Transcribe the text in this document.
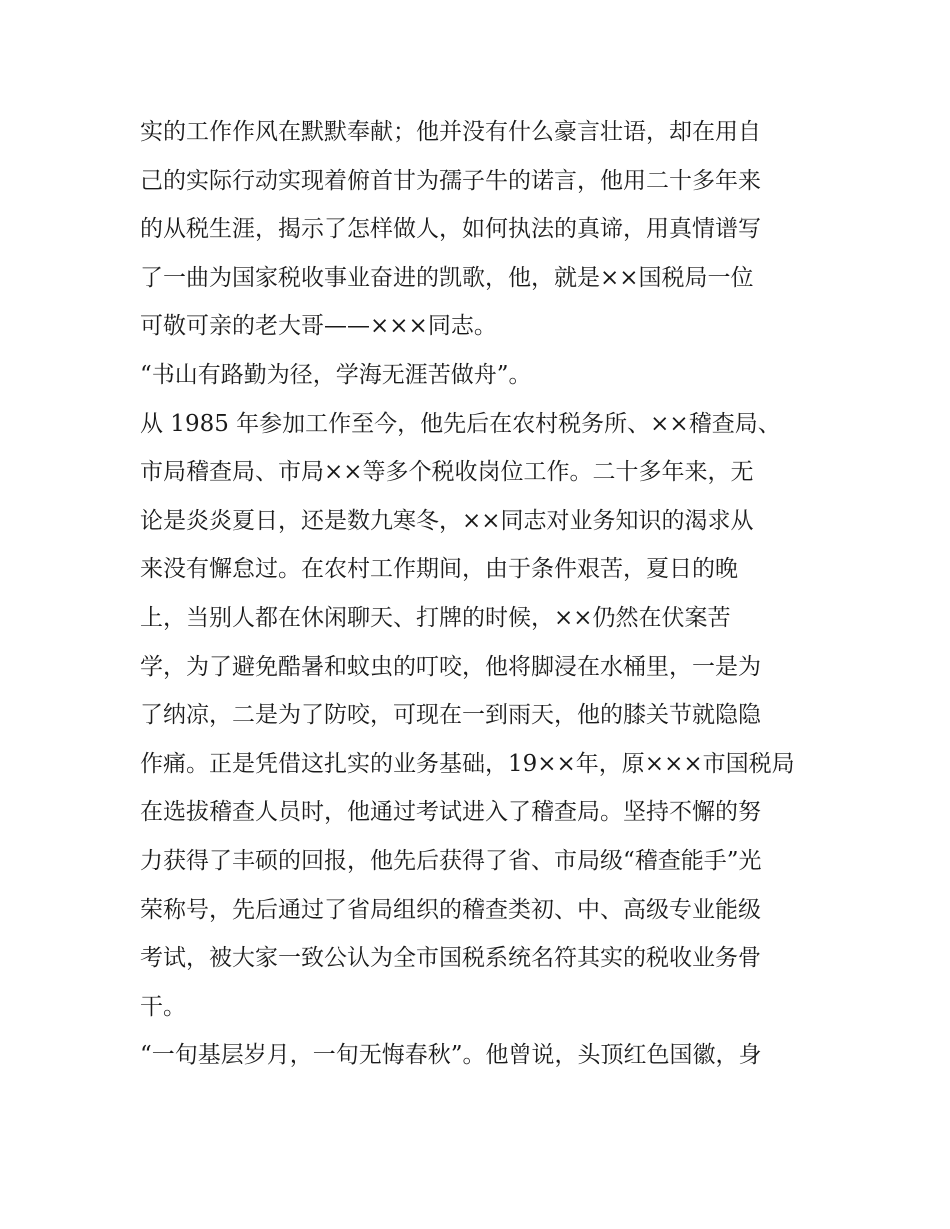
实的工作作风在默默奉献；他并没有什么豪言壮语，却在用自
己的实际行动实现着俯首甘为孺子牛的诺言，他用二十多年来
的从税生涯，揭示了怎样做人，如何执法的真谛，用真情谱写
了一曲为国家税收事业奋进的凯歌，他，就是××国税局一位
可敬可亲的老大哥——×××同志。
“书山有路勤为径，学海无涯苦做舟”。
从 1985 年参加工作至今，他先后在农村税务所、××稽查局、
市局稽查局、市局××等多个税收岗位工作。二十多年来，无
论是炎炎夏日，还是数九寒冬，××同志对业务知识的渴求从
来没有懈怠过。在农村工作期间，由于条件艰苦，夏日的晚
上，当别人都在休闲聊天、打牌的时候，××仍然在伏案苦
学，为了避免酷暑和蚊虫的叮咬，他将脚浸在水桶里，一是为
了纳凉，二是为了防咬，可现在一到雨天，他的膝关节就隐隐
作痛。正是凭借这扎实的业务基础，19××年，原×××市国税局
在选拔稽查人员时，他通过考试进入了稽查局。坚持不懈的努
力获得了丰硕的回报，他先后获得了省、市局级“稽查能手”光
荣称号，先后通过了省局组织的稽查类初、中、高级专业能级
考试，被大家一致公认为全市国税系统名符其实的税收业务骨
干。
“一旬基层岁月，一旬无悔春秋”。他曾说，头顶红色国徽，身
